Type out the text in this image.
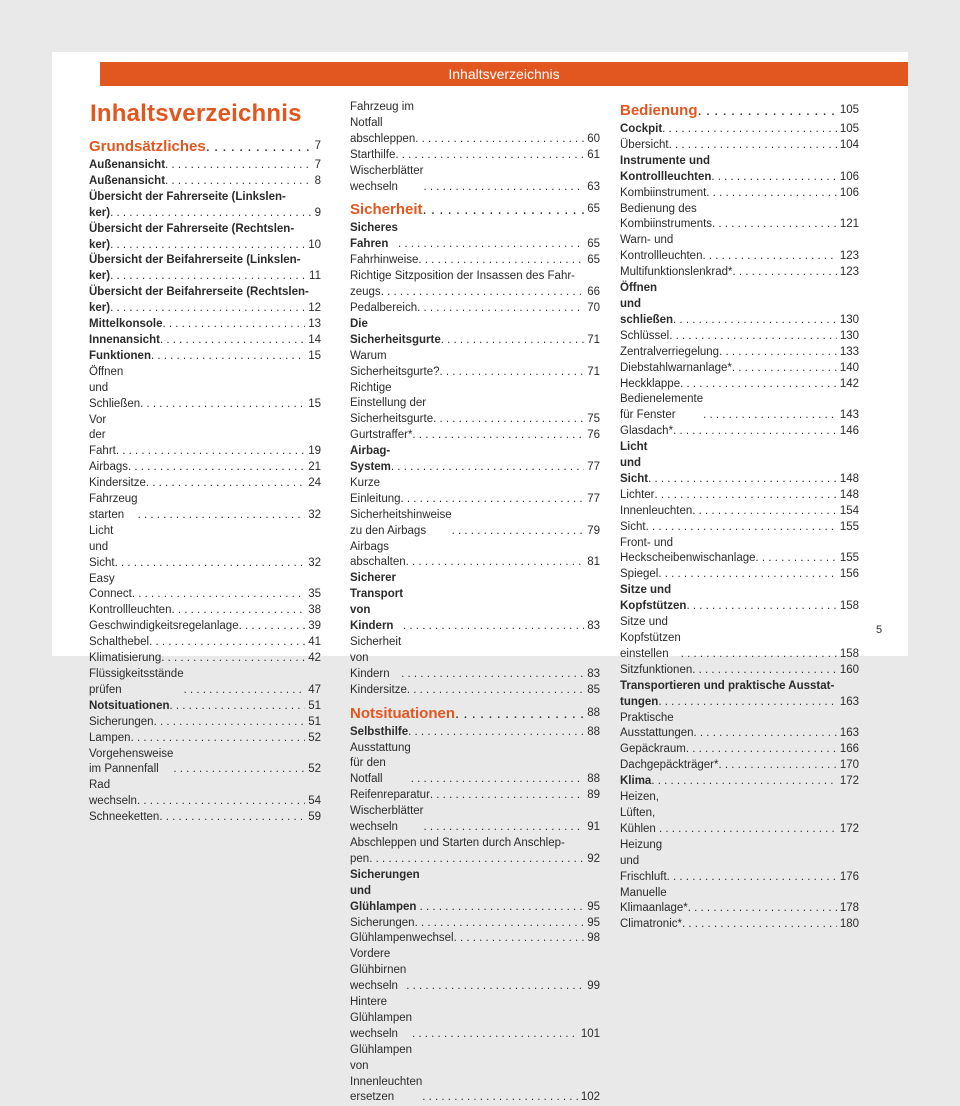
Inhaltsverzeichnis
Inhaltsverzeichnis
Grundsätzliches . . .	7
Außenansicht . . .	7
Außenansicht . . .	8
Übersicht der Fahrerseite (Linkslen-
ker) . . .	9
Übersicht der Fahrerseite (Rechtslen-
ker) . . .	10
Übersicht der Beifahrerseite (Linkslen-
ker) . . .	11
Übersicht der Beifahrerseite (Rechtslen-
ker) . . .	12
Mittelkonsole . . .	13
Innenansicht . . .	14
Funktionen . . .	15
Öffnen und Schließen . . .	15
Vor der Fahrt . . .	19
Airbags . . .	21
Kindersitze . . .	24
Fahrzeug starten . . .	32
Licht und Sicht . . .	32
Easy Connect . . .	35
Kontrollleuchten . . .	38
Geschwindigkeitsregelanlage . . .	39
Schalthebel . . .	41
Klimatisierung . . .	42
Flüssigkeitsstände prüfen . . .	47
Notsituationen . . .	51
Sicherungen . . .	51
Lampen . . .	52
Vorgehensweise im Pannenfall . . .	52
Rad wechseln . . .	54
Schneeketten . . .	59
Fahrzeug im Notfall abschleppen . . .	60
Starthilfe . . .	61
Wischerblätter wechseln . . .	63
Sicherheit . . .	65
Sicheres Fahren . . .	65
Fahrhinweise . . .	65
Richtige Sitzposition der Insassen des Fahr-
zeugs . . .	66
Pedalbereich . . .	70
Die Sicherheitsgurte . . .	71
Warum Sicherheitsgurte? . . .	71
Richtige Einstellung der Sicherheitsgurte . . .	75
Gurtstraffer* . . .	76
Airbag-System . . .	77
Kurze Einleitung . . .	77
Sicherheitshinweise zu den Airbags . . .	79
Airbags abschalten . . .	81
Sicherer Transport von Kindern . . .	83
Sicherheit von Kindern . . .	83
Kindersitze . . .	85
Notsituationen . . .	88
Selbsthilfe . . .	88
Ausstattung für den Notfall . . .	88
Reifenreparatur . . .	89
Wischerblätter wechseln . . .	91
Abschleppen und Starten durch Anschlep-
pen . . .	92
Sicherungen und Glühlampen . . .	95
Sicherungen . . .	95
Glühlampenwechsel . . .	98
Vordere Glühbirnen wechseln . . .	99
Hintere Glühlampen wechseln . . .	101
Glühlampen von Innenleuchten ersetzen . . .	102
Bedienung . . .	105
Cockpit . . .	105
Übersicht . . .	104
Instrumente und Kontrollleuchten . . .	106
Kombiinstrument . . .	106
Bedienung des Kombiinstruments . . .	121
Warn- und Kontrollleuchten . . .	123
Multifunktionslenkrad* . . .	123
Öffnen und schließen . . .	130
Schlüssel . . .	130
Zentralverriegelung . . .	133
Diebstahlwarnanlage* . . .	140
Heckklappe . . .	142
Bedienelemente für Fenster . . .	143
Glasdach* . . .	146
Licht und Sicht . . .	148
Lichter . . .	148
Innenleuchten . . .	154
Sicht . . .	155
Front- und Heckscheibenwischanlage . . .	155
Spiegel . . .	156
Sitze und Kopfstützen . . .	158
Sitze und Kopfstützen einstellen . . .	158
Sitzfunktionen . . .	160
Transportieren und praktische Ausstat-
tungen . . .	163
Praktische Ausstattungen . . .	163
Gepäckraum . . .	166
Dachgepäckträger* . . .	170
Klima . . .	172
Heizen, Lüften, Kühlen . . .	172
Heizung und Frischluft . . .	176
Manuelle Klimaanlage* . . .	178
Climatronic* . . .	180
5
